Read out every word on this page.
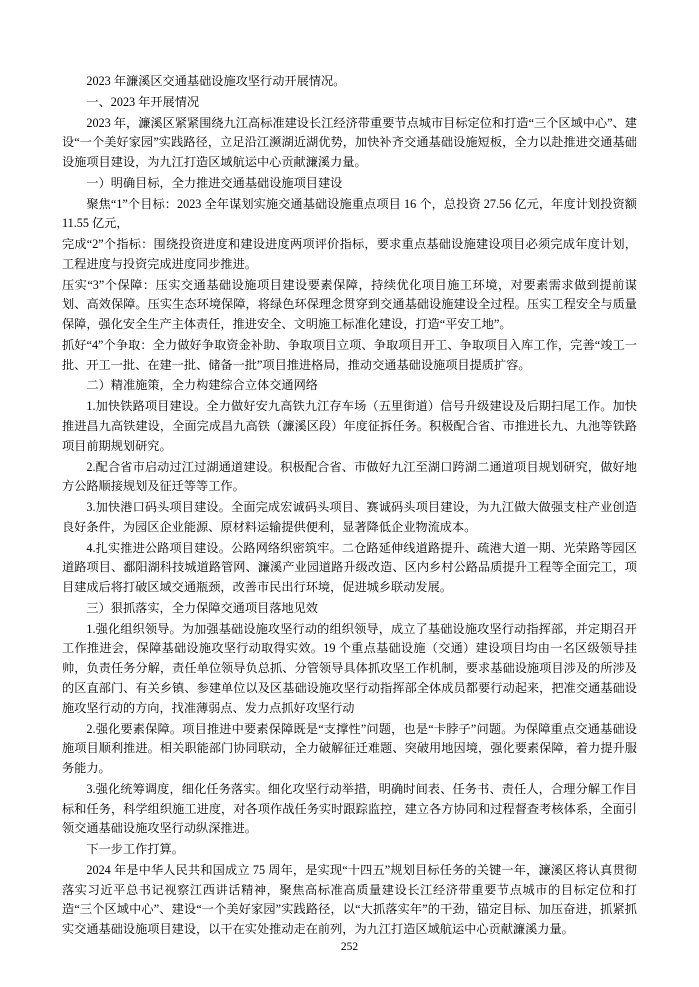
2023 年濂溪区交通基础设施攻坚行动开展情况。

一、2023 年开展情况

2023 年，濂溪区紧紧围绕九江高标准建设长江经济带重要节点城市目标定位和打造“三个区域中心”、建设“一个美好家园”实践路径，立足沿江濒湖近湖优势，加快补齐交通基础设施短板，全力以赴推进交通基础设施项目建设，为九江打造区域航运中心贡献濂溪力量。

一）明确目标，全力推进交通基础设施项目建设

聚焦“1”个目标：2023 全年谋划实施交通基础设施重点项目 16 个，总投资 27.56 亿元，年度计划投资额 11.55 亿元，

完成“2”个指标：围绕投资进度和建设进度两项评价指标，要求重点基础设施建设项目必须完成年度计划，工程进度与投资完成进度同步推进。

压实“3”个保障：压实交通基础设施项目建设要素保障，持续优化项目施工环境，对要素需求做到提前谋划、高效保障。压实生态环境保障，将绿色环保理念贯穿到交通基础设施建设全过程。压实工程安全与质量保障，强化安全生产主体责任，推进安全、文明施工标准化建设，打造“平安工地”。

抓好“4”个争取：全力做好争取资金补助、争取项目立项、争取项目开工、争取项目入库工作，完善“竣工一批、开工一批、在建一批、储备一批”项目推进格局，推动交通基础设施项目提质扩容。

二）精准施策，全力构建综合立体交通网络

1.加快铁路项目建设。全力做好安九高铁九江存车场（五里街道）信号升级建设及后期扫尾工作。加快推进昌九高铁建设，全面完成昌九高铁（濂溪区段）年度征拆任务。积极配合省、市推进长九、九池等铁路项目前期规划研究。

2.配合省市启动过江过湖通道建设。积极配合省、市做好九江至湖口跨湖二通道项目规划研究，做好地方公路顺接规划及征迁等等工作。

3.加快港口码头项目建设。全面完成宏诚码头项目、赛诚码头项目建设，为九江做大做强支柱产业创造良好条件，为园区企业能源、原材料运输提供便利，显著降低企业物流成本。

4.扎实推进公路项目建设。公路网络织密筑牢。二仓路延伸线道路提升、疏港大道一期、光荣路等园区道路项目、鄱阳湖科技城道路管网、濂溪产业园道路升级改造、区内乡村公路品质提升工程等全面完工，项目建成后将打破区域交通瓶颈，改善市民出行环境，促进城乡联动发展。

三）狠抓落实，全力保障交通项目落地见效

1.强化组织领导。为加强基础设施攻坚行动的组织领导，成立了基础设施攻坚行动指挥部，并定期召开工作推进会，保障基础设施攻坚行动取得实效。19 个重点基础设施（交通）建设项目均由一名区级领导挂帅，负责任务分解，责任单位领导负总抓、分管领导具体抓攻坚工作机制，要求基础设施项目涉及的所涉及的区直部门、有关乡镇、参建单位以及区基础设施攻坚行动指挥部全体成员都要行动起来，把准交通基础设施攻坚行动的方向，找准薄弱点、发力点抓好攻坚行动

2.强化要素保障。项目推进中要素保障既是“支撑性”问题，也是“卡脖子”问题。为保障重点交通基础设施项目顺利推进。相关职能部门协同联动，全力破解征迁难题、突破用地因境，强化要素保障，着力提升服务能力。

3.强化统筹调度，细化任务落实。细化攻坚行动举措，明确时间表、任务书、责任人，合理分解工作目标和任务，科学组织施工进度，对各项作战任务实时跟踪监控，建立各方协同和过程督查考核体系，全面引领交通基础设施攻坚行动纵深推进。

下一步工作打算。

2024 年是中华人民共和国成立 75 周年，是实现“十四五”规划目标任务的关键一年，濂溪区将认真贯彻落实习近平总书记视察江西讲话精神，聚焦高标准高质量建设长江经济带重要节点城市的目标定位和打造“三个区域中心”、建设“一个美好家园”实践路径，以“大抓落实年”的干劲，锚定目标、加压奋进，抓紧抓实交通基础设施项目建设，以干在实处推动走在前列，为九江打造区域航运中心贡献濂溪力量。

252
